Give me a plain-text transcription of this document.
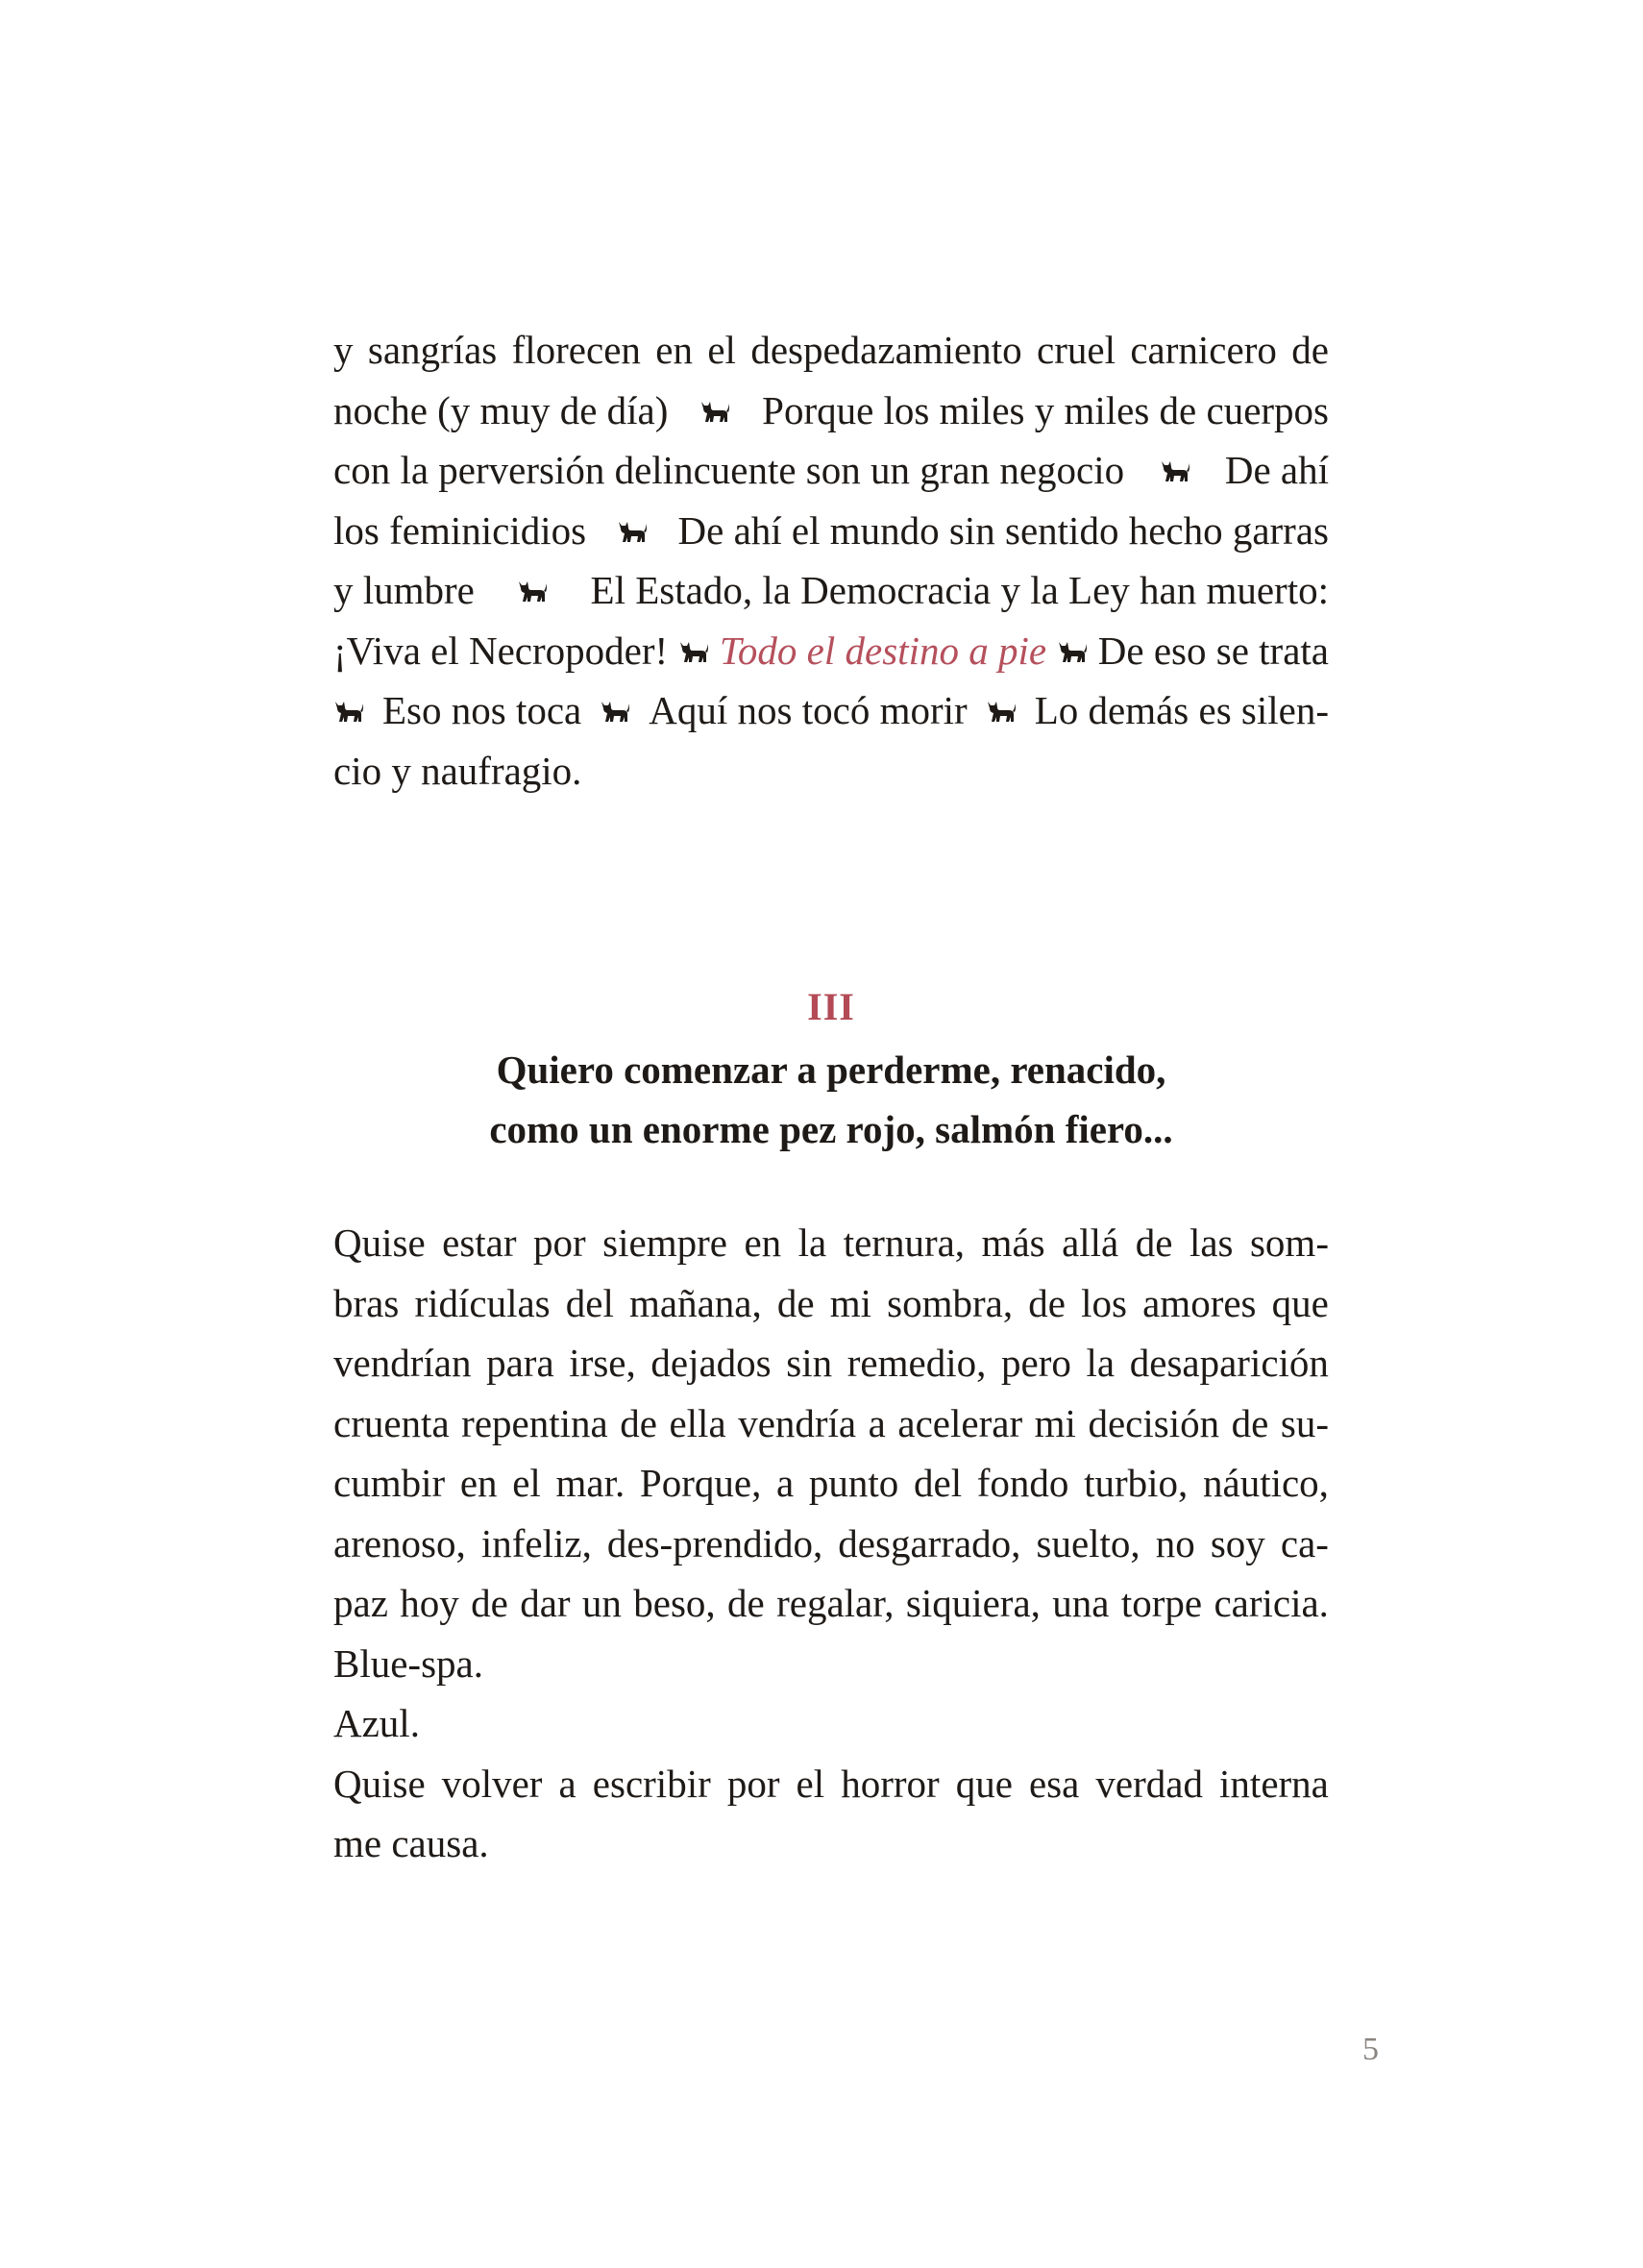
y sangrías florecen en el despedazamiento cruel carnicero de
noche (y muy de día) Porque los miles y miles de cuerpos
con la perversión delincuente son un gran negocio	De ahí
los feminicidios De ahí el mundo sin sentido hecho garras
y lumbre	El Estado, la Democracia y la Ley han muerto:
¡Viva el Necropoder! Todo el destino a pie De eso se trata
Eso nos toca Aquí nos tocó morir Lo demás es silen-
cio y naufragio.
III
Quiero comenzar a perderme, renacido,
como un enorme pez rojo, salmón fiero...
Quise estar por siempre en la ternura, más allá de las som-
bras ridículas del mañana, de mi sombra, de los amores que
vendrían para irse, dejados sin remedio, pero la desaparición
cruenta repentina de ella vendría a acelerar mi decisión de su-
cumbir en el mar. Porque, a punto del fondo turbio, náutico,
arenoso, infeliz, des-prendido, desgarrado, suelto, no soy ca-
paz hoy de dar un beso, de regalar, siquiera, una torpe caricia.
Blue-spa.
Azul.
Quise volver a escribir por el horror que esa verdad interna
me causa.
5
